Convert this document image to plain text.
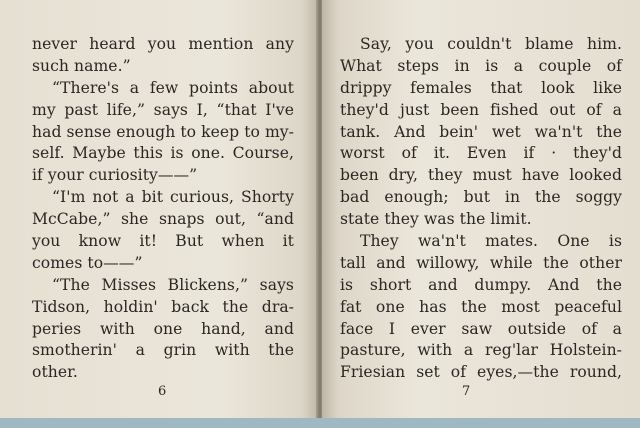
never heard you mention any
such name.”
“There's a few points about
my past life,” says I, “that I've
had sense enough to keep to my-
self. Maybe this is one. Course,
if your curiosity——”
“I'm not a bit curious, Shorty
McCabe,” she snaps out, “and
you know it! But when it
comes to——”
“The Misses Blickens,” says
Tidson, holdin' back the dra-
peries with one hand, and
smotherin' a grin with the
other.
6
Say, you couldn't blame him.
What steps in is a couple of
drippy females that look like
they'd just been fished out of a
tank. And bein' wet wa'n't the
worst of it. Even if · they'd
been dry, they must have looked
bad enough; but in the soggy
state they was the limit.
They wa'n't mates. One is
tall and willowy, while the other
is short and dumpy. And the
fat one has the most peaceful
face I ever saw outside of a
pasture, with a reg'lar Holstein-
Friesian set of eyes,—the round,
7
